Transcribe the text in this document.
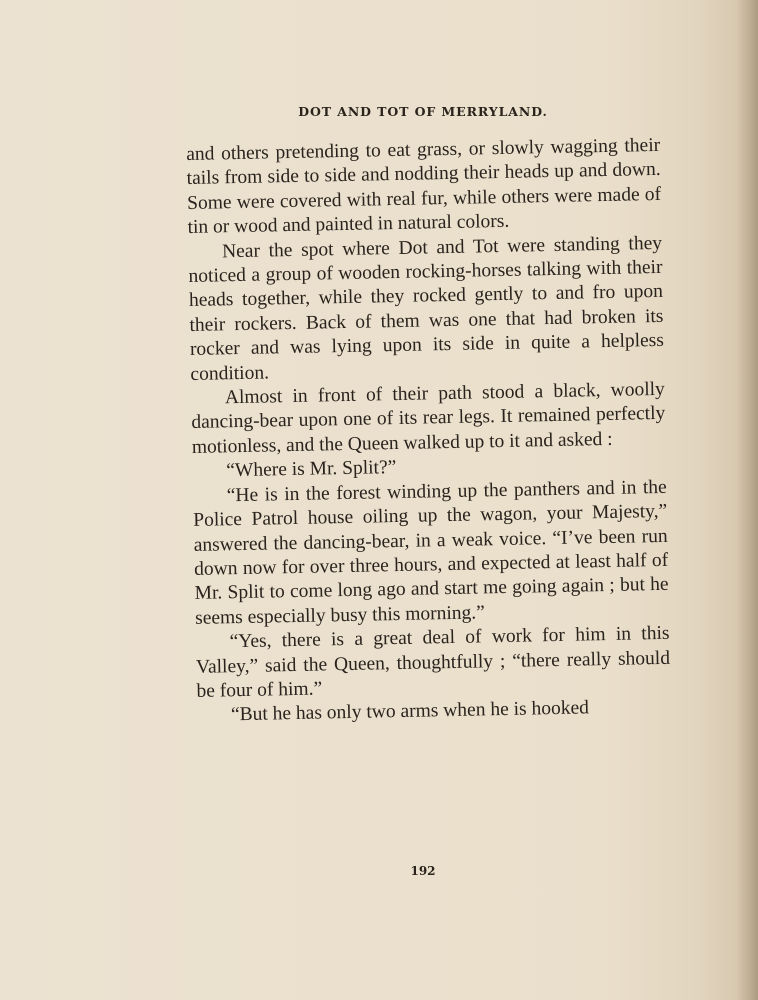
DOT AND TOT OF MERRYLAND.

and others pretending to eat grass, or slowly wagging their tails from side to side and nodding their heads up and down. Some were covered with real fur, while others were made of tin or wood and painted in natural colors.

Near the spot where Dot and Tot were standing they noticed a group of wooden rocking-horses talking with their heads together, while they rocked gently to and fro upon their rockers. Back of them was one that had broken its rocker and was lying upon its side in quite a helpless condition.

Almost in front of their path stood a black, woolly dancing-bear upon one of its rear legs. It remained perfectly motionless, and the Queen walked up to it and asked :

“Where is Mr. Split?”

“He is in the forest winding up the panthers and in the Police Patrol house oiling up the wagon, your Majesty,” answered the dancing-bear, in a weak voice. “I’ve been run down now for over three hours, and expected at least half of Mr. Split to come long ago and start me going again ; but he seems especially busy this morning.”

“Yes, there is a great deal of work for him in this Valley,” said the Queen, thoughtfully ; “there really should be four of him.”

“But he has only two arms when he is hooked

192
